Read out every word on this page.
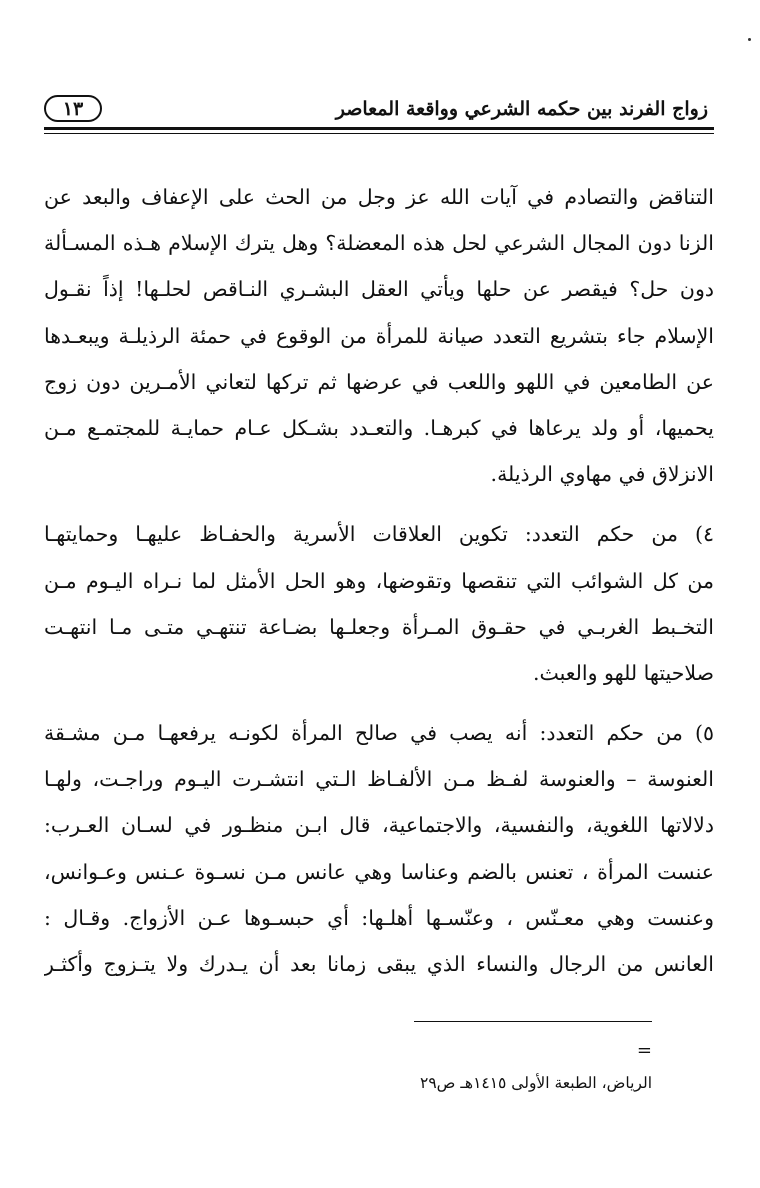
زواج الفرند بين حكمه الشرعي وواقعة المعاصر
١٣
التناقض والتصادم في آيات الله عز وجل من الحث على الإعفاف والبعد عن
الزنا دون المجال الشرعي لحل هذه المعضلة؟ وهل يترك الإسلام هـذه المسـألة
دون حل؟ فيقصر عن حلها ويأتي العقل البشـري النـاقص لحلـها! إذاً نقـول
الإسلام جاء بتشريع التعدد صيانة للمرأة من الوقوع في حمئة الرذيلـة ويبعـدها
عن الطامعين في اللهو واللعب في عرضها ثم تركها لتعاني الأمـرين دون زوج
يحميها، أو ولد يرعاها في كبرهـا. والتعـدد بشـكل عـام حمايـة للمجتمـع مـن
الانزلاق في مهاوي الرذيلة.
٤) من حكم التعدد: تكوين العلاقات الأسرية والحفـاظ عليهـا وحمايتهـا
من كل الشوائب التي تنقصها وتقوضها، وهو الحل الأمثل لما نـراه اليـوم مـن
التخـبط الغربـي في حقـوق المـرأة وجعلـها بضـاعة تنتهـي متـى مـا انتهـت
صلاحيتها للهو والعبث.
٥) من حكم التعدد: أنه يصب في صالح المرأة لكونـه يرفعهـا مـن مشـقة
العنوسة – والعنوسة لفـظ مـن الألفـاظ الـتي انتشـرت اليـوم وراجـت، ولهـا
دلالاتها اللغوية، والنفسية، والاجتماعية، قال ابـن منظـور في لسـان العـرب:
عنست المرأة ، تعنس بالضم وعناسا وهي عانس مـن نسـوة عـنس وعـوانس،
وعنست وهي معـنّس ، وعنّسـها أهلـها: أي حبسـوها عـن الأزواج. وقـال :
العانس من الرجال والنساء الذي يبقى زمانا بعد أن يـدرك ولا يتـزوج وأكثـر
=
الرياض، الطبعة الأولى ١٤١٥هـ ص٢٩
